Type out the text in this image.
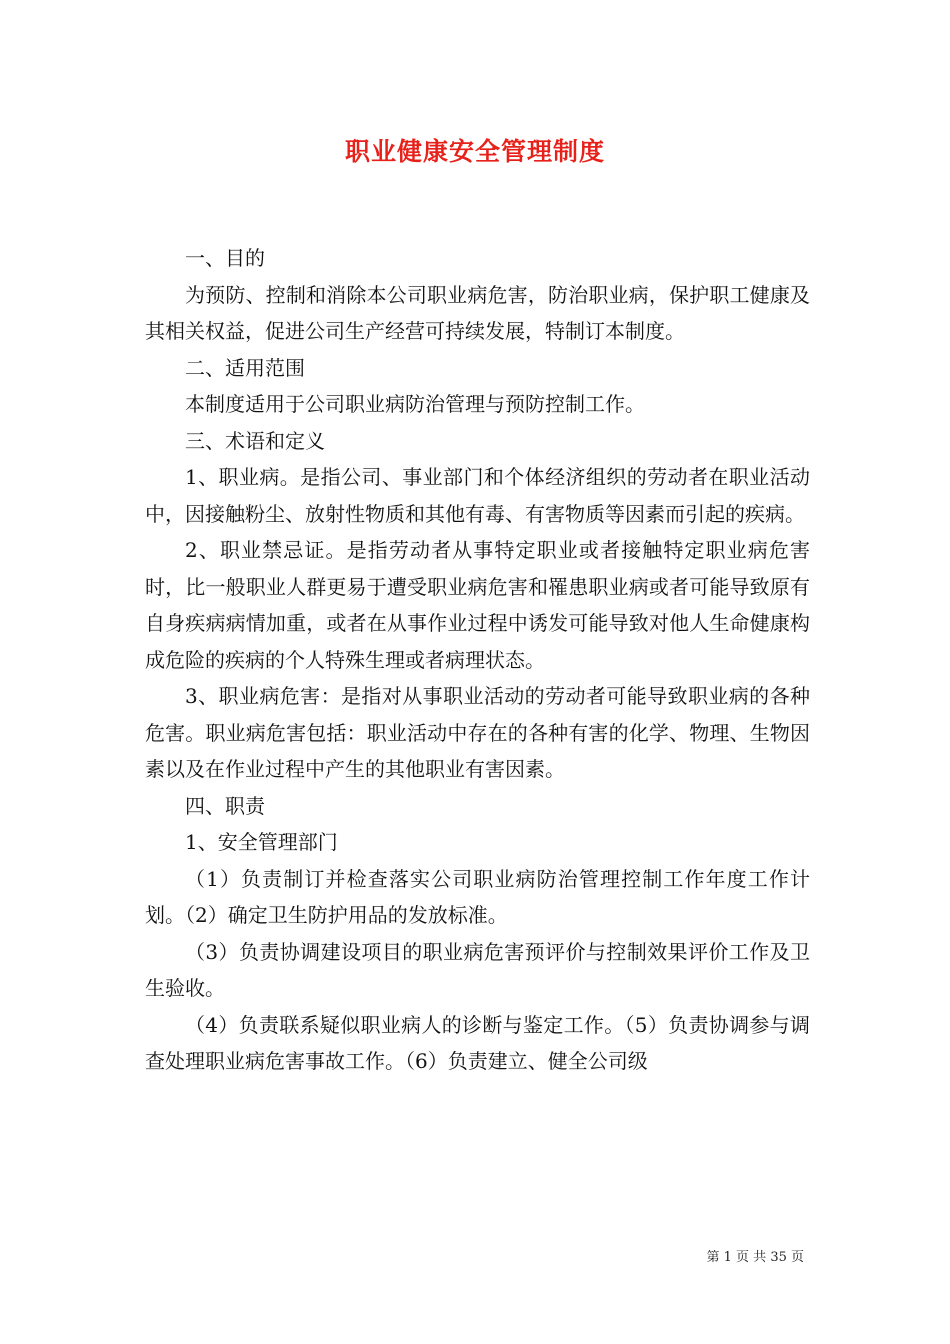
职业健康安全管理制度

一、目的

为预防、控制和消除本公司职业病危害，防治职业病，保护职工健康及其相关权益，促进公司生产经营可持续发展，特制订本制度。

二、适用范围

本制度适用于公司职业病防治管理与预防控制工作。

三、术语和定义

1、职业病。是指公司、事业部门和个体经济组织的劳动者在职业活动中，因接触粉尘、放射性物质和其他有毒、有害物质等因素而引起的疾病。

2、职业禁忌证。是指劳动者从事特定职业或者接触特定职业病危害时，比一般职业人群更易于遭受职业病危害和罹患职业病或者可能导致原有自身疾病病情加重，或者在从事作业过程中诱发可能导致对他人生命健康构成危险的疾病的个人特殊生理或者病理状态。

3、职业病危害：是指对从事职业活动的劳动者可能导致职业病的各种危害。职业病危害包括：职业活动中存在的各种有害的化学、物理、生物因素以及在作业过程中产生的其他职业有害因素。

四、职责

1、安全管理部门

（1）负责制订并检查落实公司职业病防治管理控制工作年度工作计划。（2）确定卫生防护用品的发放标准。

（3）负责协调建设项目的职业病危害预评价与控制效果评价工作及卫生验收。

（4）负责联系疑似职业病人的诊断与鉴定工作。（5）负责协调参与调查处理职业病危害事故工作。（6）负责建立、健全公司级

第 1 页 共 35 页
